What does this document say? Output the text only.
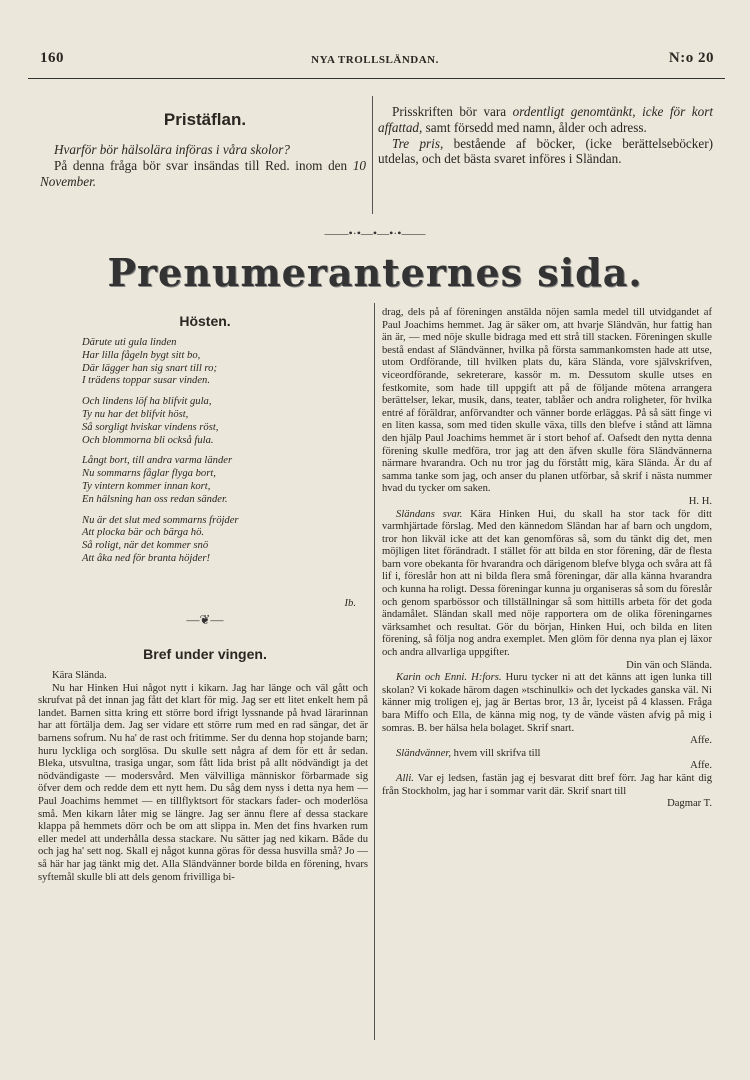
160	NYA TROLLSLÄNDAN.	N:o 20
Pristäflan.

Hvarför bör hälsolära införas i våra skolor?

På denna fråga bör svar insändas till Red. inom den 10 November.

Prisskriften bör vara ordentligt genomtänkt, icke för kort affattad, samt försedd med namn, ålder och adress.

Tre pris, bestående af böcker, (icke berättelseböcker) utdelas, och det bästa svaret införes i Sländan.

——•·•—•—•·•——
Prenumeranternes sida.
Hösten.

Därute uti gula linden

Har lilla fågeln bygt sitt bo,

Där lägger han sig snart till ro;

I trädens toppar susar vinden.

Och lindens löf ha blifvit gula,

Ty nu har det blifvit höst,

Så sorgligt hviskar vindens röst,

Och blommorna bli också fula.

Långt bort, till andra varma länder

Nu sommarns fåglar flyga bort,

Ty vintern kommer innan kort,

En hälsning han oss redan sänder.

Nu är det slut med sommarns fröjder

Att plocka bär och bärga hö.

Så roligt, när det kommer snö

Att åka ned för branta höjder!

Ib.
—❦—
Bref under vingen.

Kära Slända.

Nu har Hinken Hui något nytt i kikarn. Jag har länge och väl gått och skrufvat på det innan jag fått det klart för mig. Jag ser ett litet enkelt hem på landet. Barnen sitta kring ett större bord ifrigt lyssnande på hvad lärarinnan har att förtälja dem. Jag ser vidare ett större rum med en rad sängar, det är barnens sofrum. Nu ha' de rast och fritimme. Ser du denna hop stojande barn; huru lyckliga och sorglösa. Du skulle sett några af dem för ett år sedan. Bleka, utsvultna, trasiga ungar, som fått lida brist på allt nödvändigt ja det nödvändigaste — modersvård. Men välvilliga människor förbarmade sig öfver dem och redde dem ett nytt hem. Du såg dem nyss i detta nya hem — Paul Joachims hemmet — en tillflyktsort för stackars fader- och moderlösa små. Men kikarn låter mig se längre. Jag ser ännu flere af dessa stackare klappa på hemmets dörr och be om att slippa in. Men det fins hvarken rum eller medel att underhålla dessa stackare. Nu sätter jag ned kikarn. Både du och jag ha' sett nog. Skall ej något kunna göras för dessa husvilla små? Jo — så här har jag tänkt mig det. Alla Sländvänner borde bilda en förening, hvars syftemål skulle bli att dels genom frivilliga bi-

drag, dels på af föreningen anstälda nöjen samla medel till utvidgandet af Paul Joachims hemmet. Jag är säker om, att hvarje Sländvän, hur fattig han än är, — med nöje skulle bidraga med ett strå till stacken. Föreningen skulle bestå endast af Sländvänner, hvilka på första sammankomsten hade att utse, utom Ordförande, till hvilken plats du, kära Slända, vore självskrifven, viceordförande, sekreterare, kassör m. m. Dessutom skulle utses en festkomite, som hade till uppgift att på de följande mötena arrangera berättelser, lekar, musik, dans, teater, tablåer och andra roligheter, för hvilka entré af föräldrar, anförvandter och vänner borde erläggas. På så sätt finge vi en liten kassa, som med tiden skulle växa, tills den blefve i stånd att lämna den hjälp Paul Joachims hemmet är i stort behof af. Oafsedt den nytta denna förening skulle medföra, tror jag att den äfven skulle föra Sländvännerna närmare hvarandra. Och nu tror jag du förstått mig, kära Slända. Är du af samma tanke som jag, och anser du planen utförbar, så skrif i nästa nummer hvad du tycker om saken.

H. H.

Sländans svar. Kära Hinken Hui, du skall ha stor tack för ditt varmhjärtade förslag. Med den kännedom Sländan har af barn och ungdom, tror hon likväl icke att det kan genomföras så, som du tänkt dig det, men möjligen litet förändradt. I stället för att bilda en stor förening, där de flesta barn vore obekanta för hvarandra och därigenom blefve blyga och svåra att få lif i, föreslår hon att ni bilda flera små föreningar, där alla känna hvarandra och kunna ha roligt. Dessa föreningar kunna ju organiseras så som du föreslår och genom sparbössor och tillställningar så som hittills arbeta för det goda ändamålet. Sländan skall med nöje rapportera om de olika föreningarnes värksamhet och resultat. Gör du början, Hinken Hui, och bilda en liten förening, så följa nog andra exemplet. Men glöm för denna nya plan ej läxor och andra allvarliga uppgifter.

Din vän och Slända.

Karin och Enni. H:fors. Huru tycker ni att det känns att igen lunka till skolan? Vi kokade härom dagen »tschinulki» och det lyckades ganska väl. Ni känner mig troligen ej, jag är Bertas bror, 13 år, lyceist på 4 klassen. Fråga bara Miffo och Ella, de känna mig nog, ty de vände västen afvig på mig i somras. B. ber hälsa hela bolaget. Skrif snart.

Affe.

Sländvänner, hvem vill skrifva till

Affe.

Alli. Var ej ledsen, fastän jag ej besvarat ditt bref förr. Jag har känt dig från Stockholm, jag har i sommar varit där. Skrif snart till

Dagmar T.
